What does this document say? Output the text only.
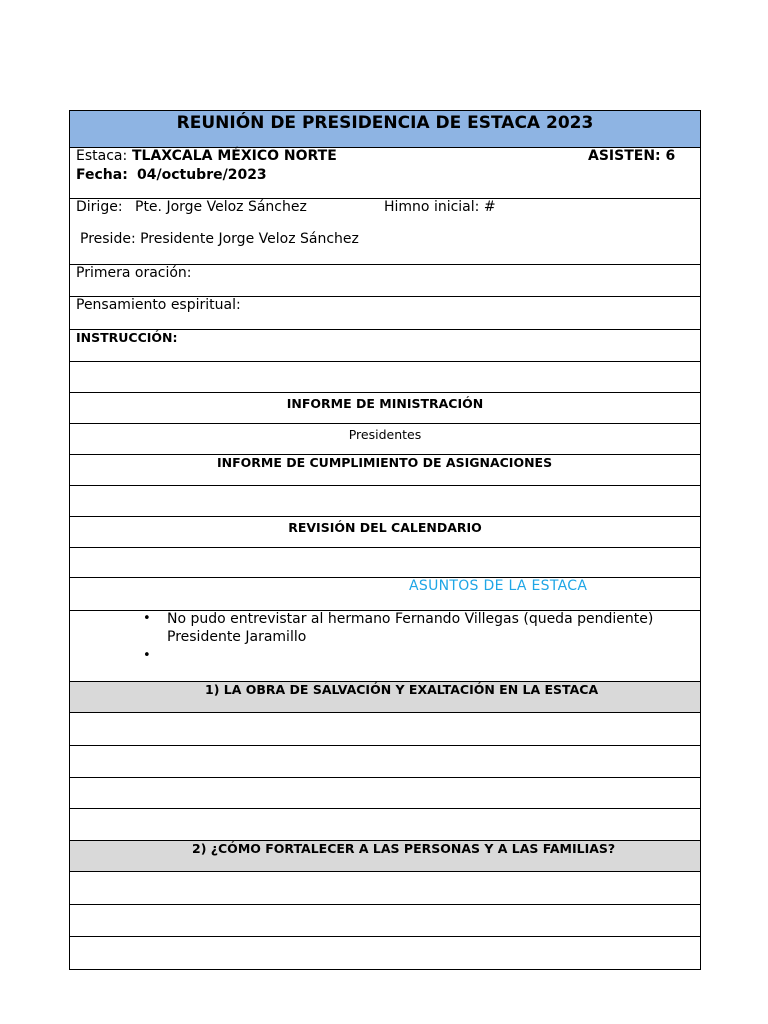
REUNIÓN DE PRESIDENCIA DE ESTACA 2023
Estaca: TLAXCALA MÉXICO NORTE	ASISTEN: 6
Fecha: 04/octubre/2023
Dirige: Pte. Jorge Veloz Sánchez	Himno inicial: #
Preside: Presidente Jorge Veloz Sánchez
Primera oración:
Pensamiento espiritual:
INSTRUCCIÓN:
INFORME DE MINISTRACIÓN
Presidentes
INFORME DE CUMPLIMIENTO DE ASIGNACIONES
REVISIÓN DEL CALENDARIO
ASUNTOS DE LA ESTACA
• No pudo entrevistar al hermano Fernando Villegas (queda pendiente)
Presidente Jaramillo
•
1) LA OBRA DE SALVACIÓN Y EXALTACIÓN EN LA ESTACA
2) ¿CÓMO FORTALECER A LAS PERSONAS Y A LAS FAMILIAS?
